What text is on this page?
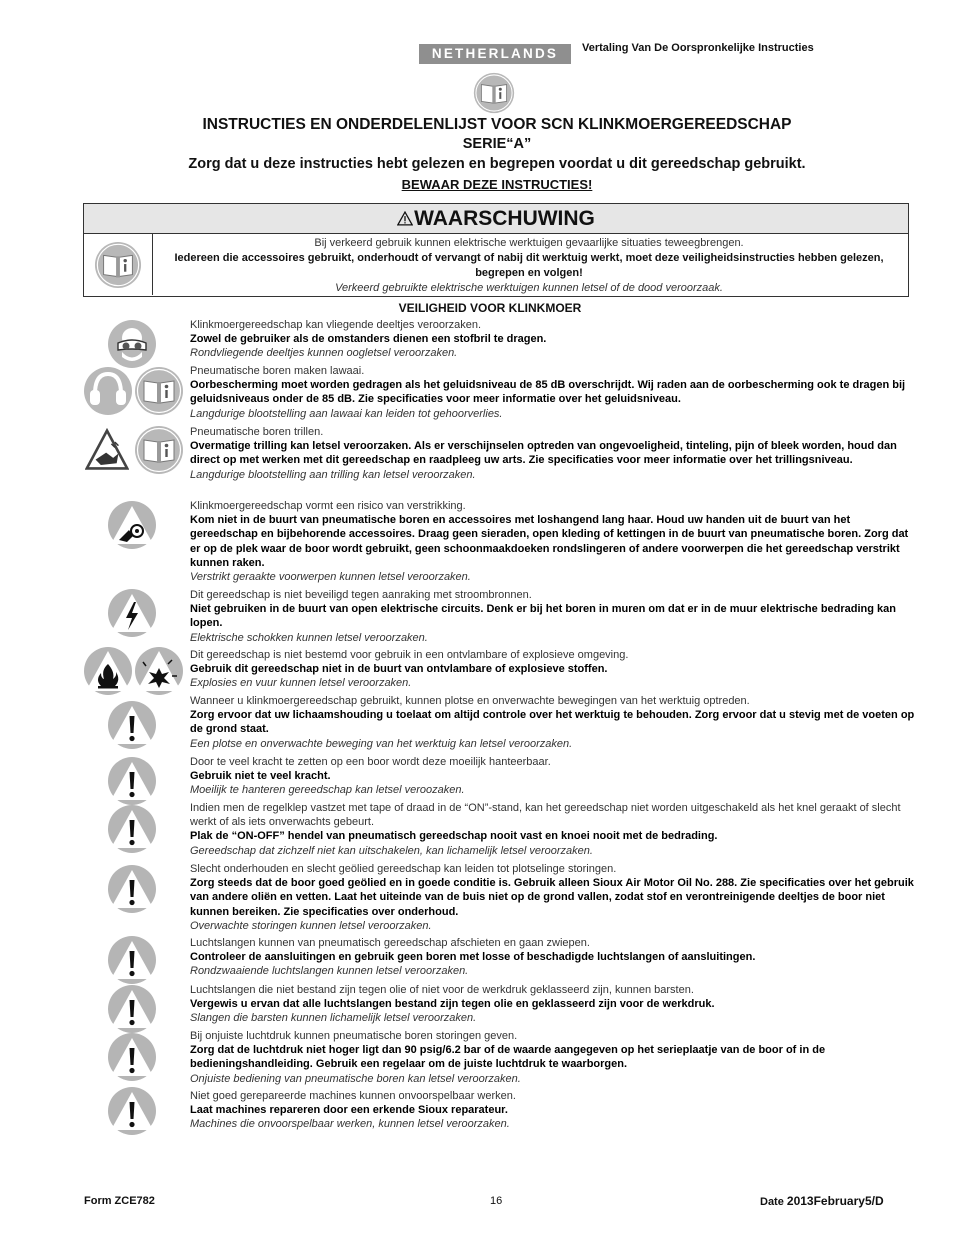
NETHERLANDS	Vertaling Van De Oorspronkelijke Instructies
INSTRUCTIES EN ONDERDELENLIJST VOOR SCN KLINKMOERGEREEDSCHAP
SERIE“A”
Zorg dat u deze instructies hebt gelezen en begrepen voordat u dit gereedschap gebruikt.
BEWAAR DEZE INSTRUCTIES!
WAARSCHUWING
Bij verkeerd gebruik kunnen elektrische werktuigen gevaarlijke situaties teweegbrengen.
Iedereen die accessoires gebruikt, onderhoudt of vervangt of nabij dit werktuig werkt, moet deze veiligheidsinstructies hebben gelezen, begrepen en volgen!
Verkeerd gebruikte elektrische werktuigen kunnen letsel of de dood veroorzaak.
VEILIGHEID VOOR KLINKMOER
Klinkmoergereedschap kan vliegende deeltjes veroorzaken.
Zowel de gebruiker als de omstanders dienen een stofbril te dragen.
Rondvliegende deeltjes kunnen oogletsel veroorzaken.
Pneumatische boren maken lawaai.
Oorbescherming moet worden gedragen als het geluidsniveau de 85 dB overschrijdt. Wij raden aan de oorbescherming ook te dragen bij geluidsniveaus onder de 85 dB. Zie specificaties voor meer informatie over het geluidsniveau.
Langdurige blootstelling aan lawaai kan leiden tot gehoorverlies.
Pneumatische boren trillen.
Overmatige trilling kan letsel veroorzaken. Als er verschijnselen optreden van ongevoeligheid, tinteling, pijn of bleek worden, houd dan direct op met werken met dit gereedschap en raadpleeg uw arts. Zie specificaties voor meer informatie over het trillingsniveau.
Langdurige blootstelling aan trilling kan letsel veroorzaken.
Klinkmoergereedschap vormt een risico van verstrikking.
Kom niet in de buurt van pneumatische boren en accessoires met loshangend lang haar. Houd uw handen uit de buurt van het gereedschap en bijbehorende accessoires. Draag geen sieraden, open kleding of kettingen in de buurt van pneumatische boren. Zorg dat er op de plek waar de boor wordt gebruikt, geen schoonmaakdoeken rondslingeren of andere voorwerpen die het gereedschap verstrikt kunnen raken.
Verstrikt geraakte voorwerpen kunnen letsel veroorzaken.
Dit gereedschap is niet beveiligd tegen aanraking met stroombronnen.
Niet gebruiken in de buurt van open elektrische circuits. Denk er bij het boren in muren om dat er in de muur elektrische bedrading kan lopen.
Elektrische schokken kunnen letsel veroorzaken.
Dit gereedschap is niet bestemd voor gebruik in een ontvlambare of explosieve omgeving.
Gebruik dit gereedschap niet in de buurt van ontvlambare of explosieve stoffen.
Explosies en vuur kunnen letsel veroorzaken.
Wanneer u klinkmoergereedschap gebruikt, kunnen plotse en onverwachte bewegingen van het werktuig optreden.
Zorg ervoor dat uw lichaamshouding u toelaat om altijd controle over het werktuig te behouden. Zorg ervoor dat u stevig met de voeten op de grond staat.
Een plotse en onverwachte beweging van het werktuig kan letsel veroorzaken.
Door te veel kracht te zetten op een boor wordt deze moeilijk hanteerbaar.
Gebruik niet te veel kracht.
Moeilijk te hanteren gereedschap kan letsel veroozaken.
Indien men de regelklep vastzet met tape of draad in de “ON”-stand, kan het gereedschap niet worden uitgeschakeld als het knel geraakt of slecht werkt of als iets onverwachts gebeurt.
Plak de “ON-OFF” hendel van pneumatisch gereedschap nooit vast en knoei nooit met de bedrading.
Gereedschap dat zichzelf niet kan uitschakelen, kan lichamelijk letsel veroorzaken.
Slecht onderhouden en slecht geölied gereedschap kan leiden tot plotselinge storingen.
Zorg steeds dat de boor goed geölied en in goede conditie is. Gebruik alleen Sioux Air Motor Oil No. 288. Zie specificaties over het gebruik van andere oliën en vetten. Laat het uiteinde van de buis niet op de grond vallen, zodat stof en verontreinigende deeltjes de boor niet kunnen bereiken. Zie specificaties over onderhoud.
Overwachte storingen kunnen letsel veroorzaken.
Luchtslangen kunnen van pneumatisch gereedschap afschieten en gaan zwiepen.
Controleer de aansluitingen en gebruik geen boren met losse of beschadigde luchtslangen of aansluitingen.
Rondzwaaiende luchtslangen kunnen letsel veroorzaken.
Luchtslangen die niet bestand zijn tegen olie of niet voor de werkdruk geklasseerd zijn, kunnen barsten.
Vergewis u ervan dat alle luchtslangen bestand zijn tegen olie en geklasseerd zijn voor de werkdruk.
Slangen die barsten kunnen lichamelijk letsel veroorzaken.
Bij onjuiste luchtdruk kunnen pneumatische boren storingen geven.
Zorg dat de luchtdruk niet hoger ligt dan 90 psig/6.2 bar of de waarde aangegeven op het serieplaatje van de boor of in de bedieningshandleiding. Gebruik een regelaar om de juiste luchtdruk te waarborgen.
Onjuiste bediening van pneumatische boren kan letsel veroorzaken.
Niet goed gerepareerde machines kunnen onvoorspelbaar werken.
Laat machines repareren door een erkende Sioux reparateur.
Machines die onvoorspelbaar werken, kunnen letsel veroorzaken.
Form ZCE782	16	Date 2013February5/D
